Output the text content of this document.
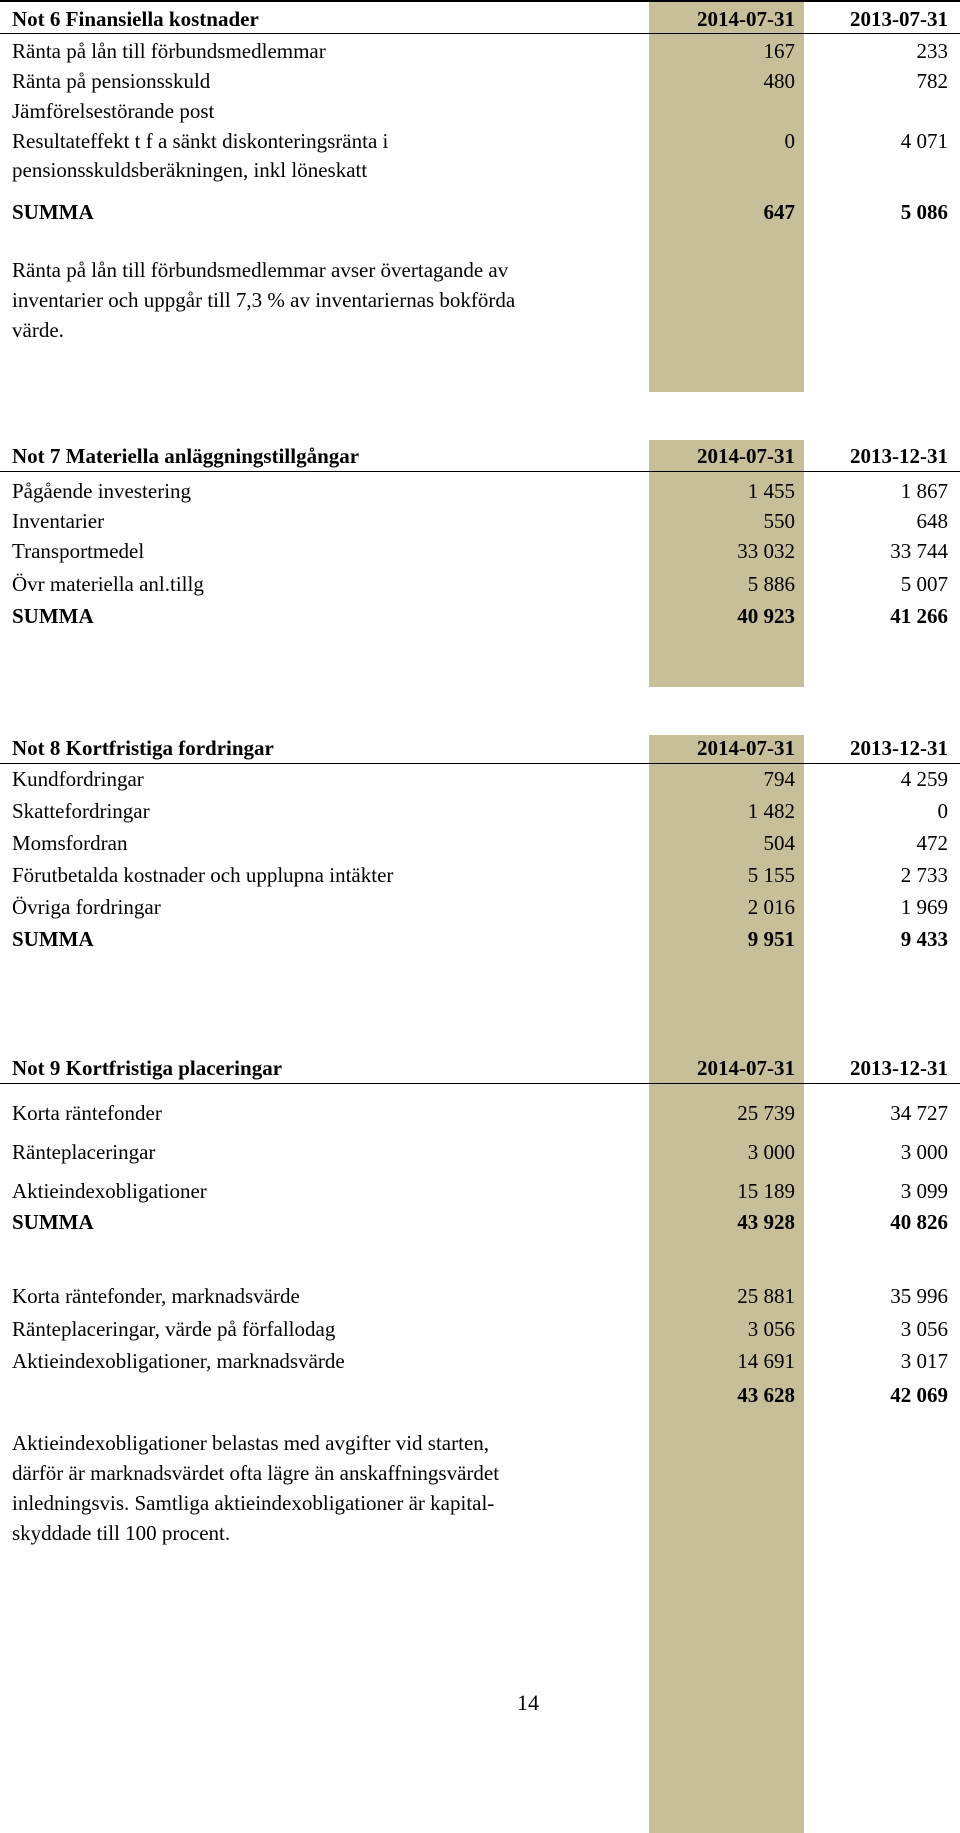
Not 6 Finansiella kostnader	2014-07-31	2013-07-31
Ränta på lån till förbundsmedlemmar	167	233
Ränta på pensionsskuld	480	782
Jämförelsestörande post
Resultateffekt t f a sänkt diskonteringsränta i	0	4 071
pensionsskuldsberäkningen, inkl löneskatt
SUMMA	647	5 086
Ränta på lån till förbundsmedlemmar avser övertagande av
inventarier och uppgår till 7,3 % av inventariernas bokförda
värde.
Not 7 Materiella anläggningstillgångar	2014-07-31	2013-12-31
Pågående investering	1 455	1 867
Inventarier	550	648
Transportmedel	33 032	33 744
Övr materiella anl.tillg	5 886	5 007
SUMMA	40 923	41 266
Not 8 Kortfristiga fordringar	2014-07-31	2013-12-31
Kundfordringar	794	4 259
Skattefordringar	1 482	0
Momsfordran	504	472
Förutbetalda kostnader och upplupna intäkter	5 155	2 733
Övriga fordringar	2 016	1 969
SUMMA	9 951	9 433
Not 9 Kortfristiga placeringar	2014-07-31	2013-12-31
Korta räntefonder	25 739	34 727
Ränteplaceringar	3 000	3 000
Aktieindexobligationer	15 189	3 099
SUMMA	43 928	40 826
Korta räntefonder, marknadsvärde	25 881	35 996
Ränteplaceringar, värde på förfallodag	3 056	3 056
Aktieindexobligationer, marknadsvärde	14 691	3 017
43 628	42 069
Aktieindexobligationer belastas med avgifter vid starten,
därför är marknadsvärdet ofta lägre än anskaffningsvärdet
inledningsvis. Samtliga aktieindexobligationer är kapital-
skyddade till 100 procent.
14
